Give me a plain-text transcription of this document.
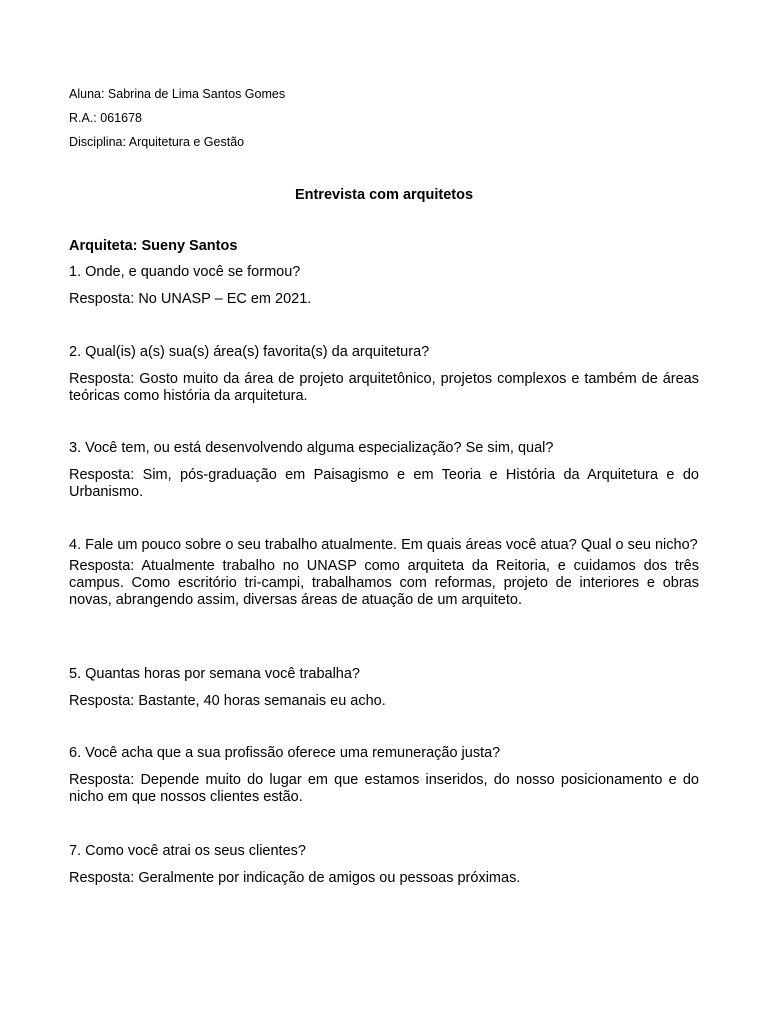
Aluna: Sabrina de Lima Santos Gomes
R.A.: 061678
Disciplina: Arquitetura e Gestão
Entrevista com arquitetos
Arquiteta: Sueny Santos

1. Onde, e quando você se formou?

Resposta: No UNASP – EC em 2021.

2. Qual(is) a(s) sua(s) área(s) favorita(s) da arquitetura?

Resposta: Gosto muito da área de projeto arquitetônico, projetos complexos e também de áreas teóricas como história da arquitetura.

3. Você tem, ou está desenvolvendo alguma especialização? Se sim, qual?

Resposta: Sim, pós-graduação em Paisagismo e em Teoria e História da Arquitetura e do Urbanismo.

4. Fale um pouco sobre o seu trabalho atualmente. Em quais áreas você atua? Qual o seu nicho?

Resposta: Atualmente trabalho no UNASP como arquiteta da Reitoria, e cuidamos dos três campus. Como escritório tri-campi, trabalhamos com reformas, projeto de interiores e obras novas, abrangendo assim, diversas áreas de atuação de um arquiteto.

5. Quantas horas por semana você trabalha?

Resposta: Bastante, 40 horas semanais eu acho.

6. Você acha que a sua profissão oferece uma remuneração justa?

Resposta: Depende muito do lugar em que estamos inseridos, do nosso posicionamento e do nicho em que nossos clientes estão.

7. Como você atrai os seus clientes?

Resposta: Geralmente por indicação de amigos ou pessoas próximas.
